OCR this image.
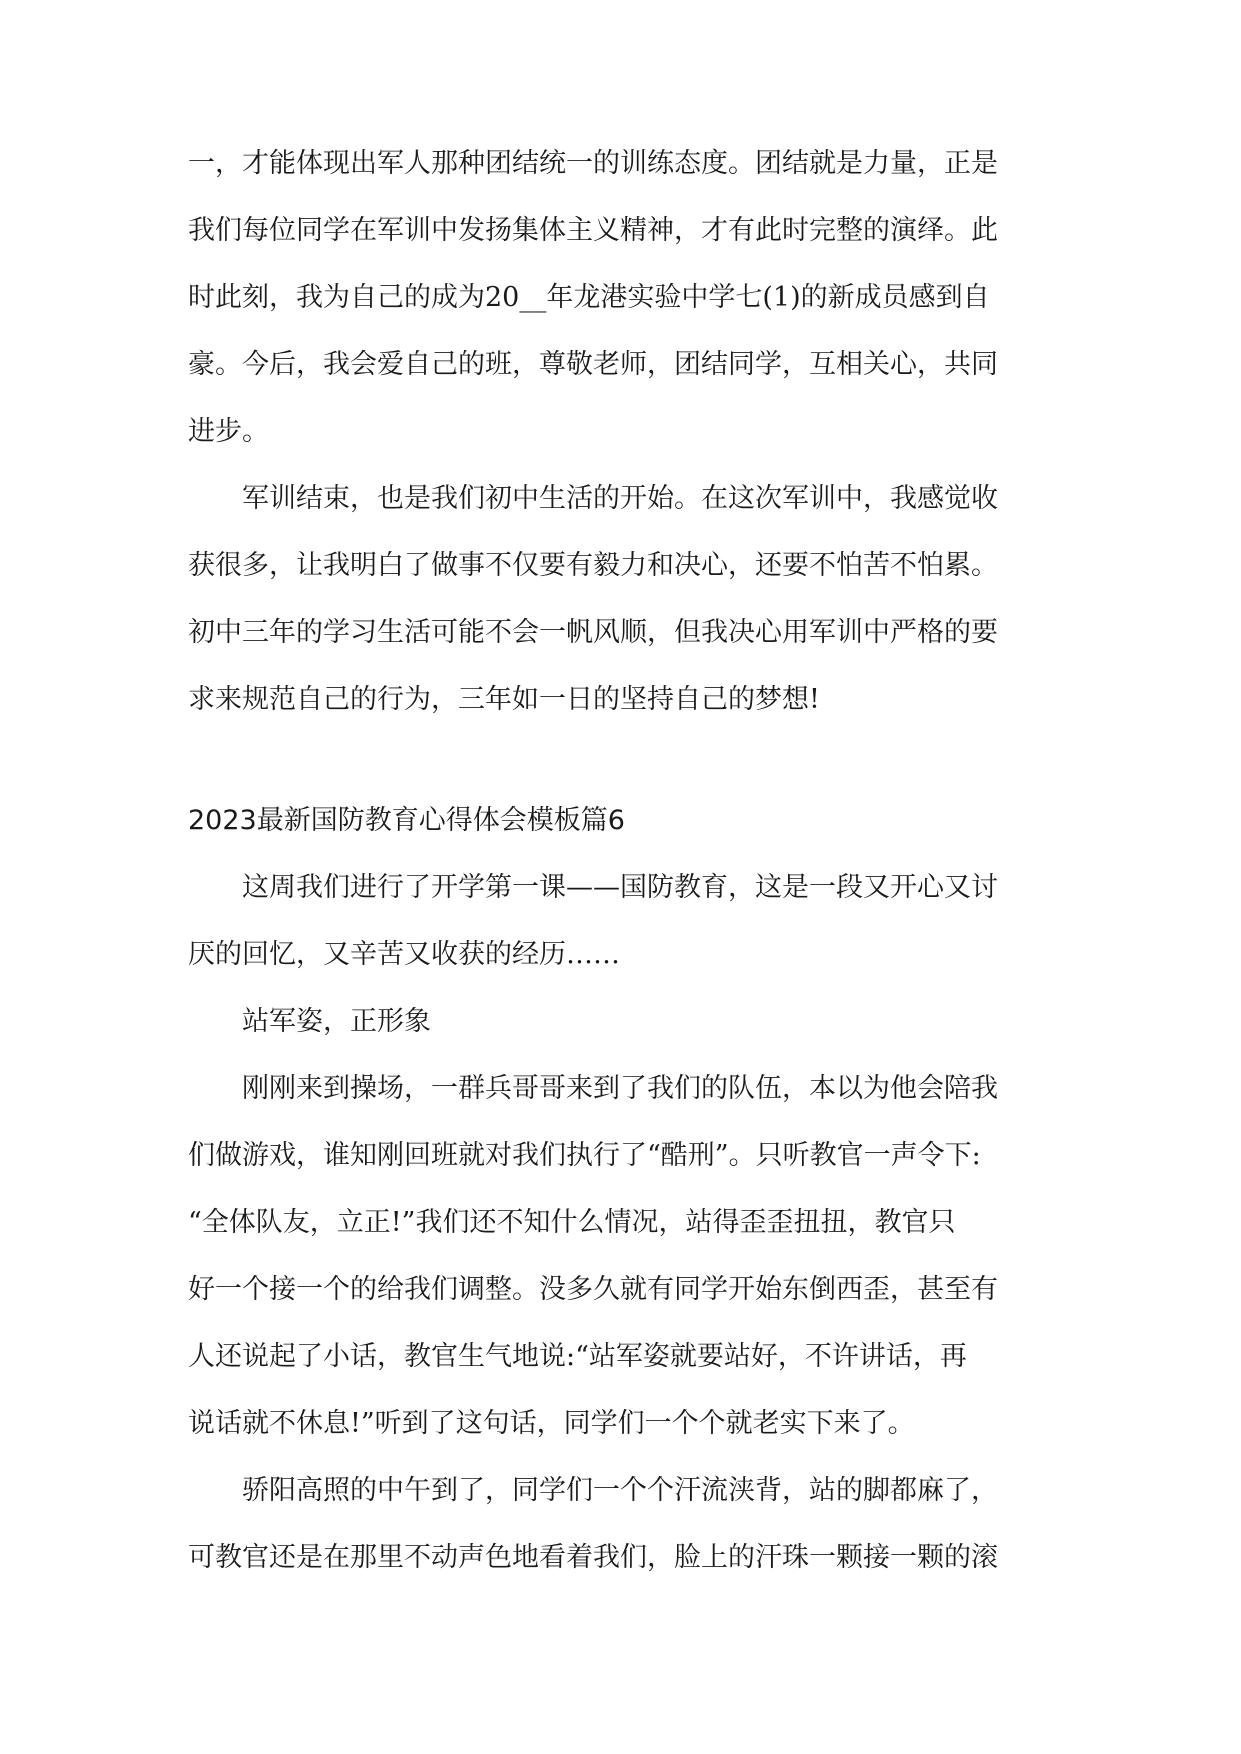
一，才能体现出军人那种团结统一的训练态度。团结就是力量，正是
我们每位同学在军训中发扬集体主义精神，才有此时完整的演绎。此
时此刻，我为自己的成为20__年龙港实验中学七(1)的新成员感到自
豪。今后，我会爱自己的班，尊敬老师，团结同学，互相关心，共同
进步。
　　军训结束，也是我们初中生活的开始。在这次军训中，我感觉收
获很多，让我明白了做事不仅要有毅力和决心，还要不怕苦不怕累。
初中三年的学习生活可能不会一帆风顺，但我决心用军训中严格的要
求来规范自己的行为，三年如一日的坚持自己的梦想!
2023最新国防教育心得体会模板篇6
　　这周我们进行了开学第一课——国防教育，这是一段又开心又讨
厌的回忆，又辛苦又收获的经历……
　　站军姿，正形象
　　刚刚来到操场，一群兵哥哥来到了我们的队伍，本以为他会陪我
们做游戏，谁知刚回班就对我们执行了“酷刑”。只听教官一声令下:
“全体队友，立正!”我们还不知什么情况，站得歪歪扭扭，教官只
好一个接一个的给我们调整。没多久就有同学开始东倒西歪，甚至有
人还说起了小话，教官生气地说:“站军姿就要站好，不许讲话，再
说话就不休息!”听到了这句话，同学们一个个就老实下来了。
　　骄阳高照的中午到了，同学们一个个汗流浃背，站的脚都麻了，
可教官还是在那里不动声色地看着我们，脸上的汗珠一颗接一颗的滚
